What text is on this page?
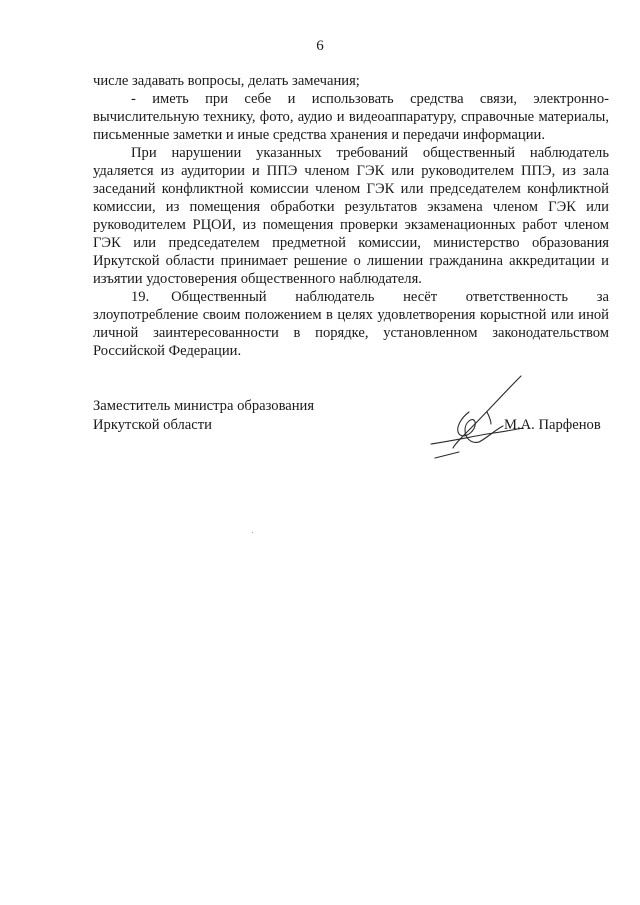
6

числе задавать вопросы, делать замечания;

- иметь при себе и использовать средства связи, электронно-вычислительную технику, фото, аудио и видеоаппаратуру, справочные материалы, письменные заметки и иные средства хранения и передачи информации.

При нарушении указанных требований общественный наблюдатель удаляется из аудитории и ППЭ членом ГЭК или руководителем ППЭ, из зала заседаний конфликтной комиссии членом ГЭК или председателем конфликтной комиссии, из помещения обработки результатов экзамена членом ГЭК или руководителем РЦОИ, из помещения проверки экзаменационных работ членом ГЭК или председателем предметной комиссии, министерство образования Иркутской области принимает решение о лишении гражданина аккредитации и изъятии удостоверения общественного наблюдателя.

19.   Общественный наблюдатель несёт ответственность за злоупотребление своим положением в целях удовлетворения корыстной или иной личной заинтересованности в порядке, установленном законодательством Российской Федерации.

Заместитель министра образования
Иркутской области	М.А. Парфенов
